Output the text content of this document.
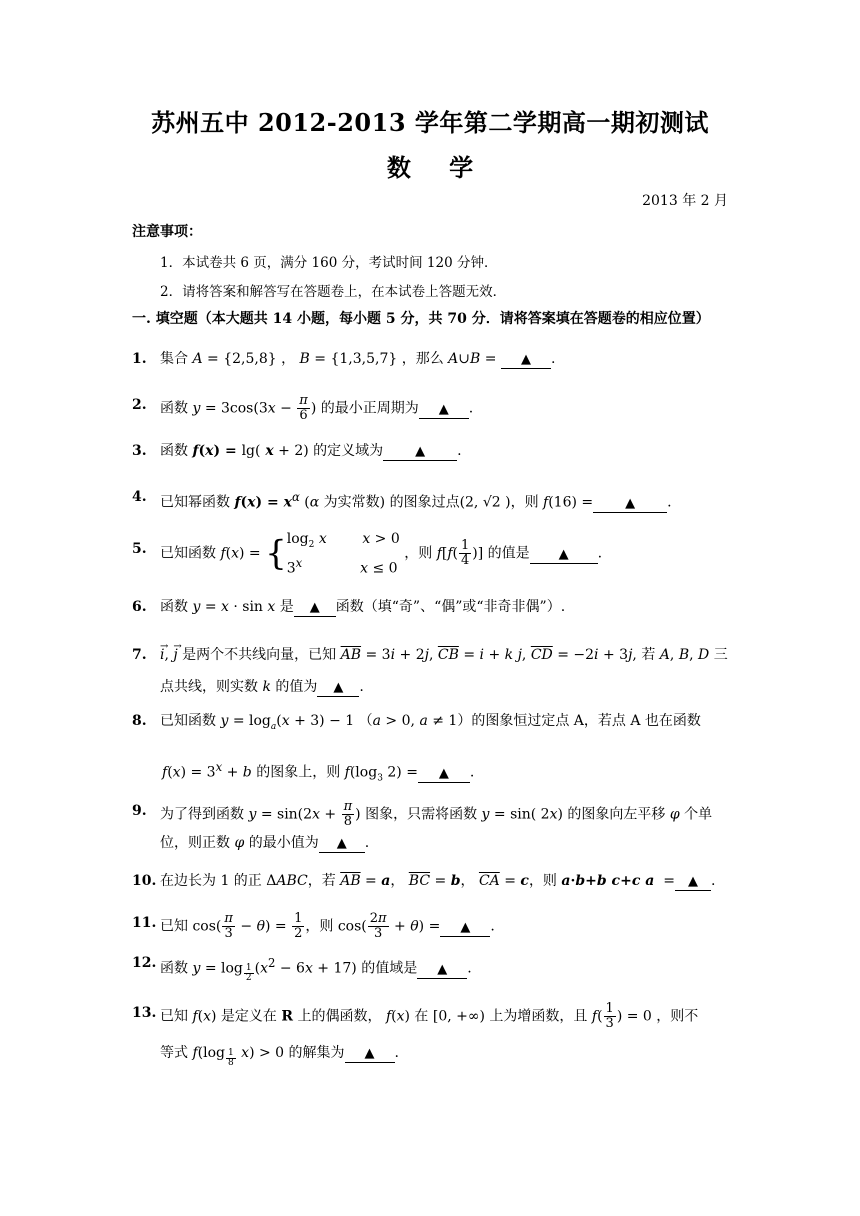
苏州五中 2012-2013 学年第二学期高一期初测试
数 学
2013 年 2 月
注意事项：
1．本试卷共 6 页，满分 160 分，考试时间 120 分钟．
2．请将答案和解答写在答题卷上，在本试卷上答题无效．
一. 填空题（本大题共 14 小题，每小题 5 分，共 70 分．请将答案填在答题卷的相应位置）
1. 集合 A = {2,5,8} ， B = {1,3,5,7} ，那么 A∪B = ▲ .
2. 函数 $y = 3\cos(3x - \frac{\pi}{6}$ ) 的最小正周期为 ▲ .
3. 函数 f(x) = lg( x + 2) 的定义域为 ▲ .
4. 已知幂函数 $f(x) = x^\alpha$ (α 为实常数) 的图象过点(2, √2 )，则 f(16) = ▲ .
5. 已知函数 $f(x) = \{\log_2$ x	x > 0
3$^x$	x ≤ 0 ，则 $f[f( \frac{1}{4}$ )] 的值是 ▲ .
6. 函数 y = x · sin x 是 ▲ 函数（填“奇”、“偶”或“非奇非偶”）.
7. → i, → j 是两个不共线向量，已知 $\overline{AB} = 3i + 2j$, $\overline{CB} = i + k$ j, $\overline{CD} = -2i + 3j$, 若 A, B, D 三
点共线，则实数 k 的值为 ▲ .
8. 已知函数 $y = \log_a(x + 3) - 1$ （a > 0, a ≠ 1）的图象恒过定点 A，若点 A 也在函数
$f(x) = 3^x + b$ 的图象上，则 $f(\log_3$ 2) = ▲ .
9. 为了得到函数 $y = \sin(2x + \frac{\pi}{8}$ ) 图象，只需将函数 y = sin( 2x) 的图象向左平移 φ 个单
位，则正数 φ 的最小值为 ▲ .
10. 在边长为 1 的正 ΔABC，若 $\overline{AB} = a$， $\overline{BC} = b$， $\overline{CA} = c$，则 a·b+b c+c a  = ▲ .
11. 已知 $\cos( \frac{\pi}{3} - \theta) = \frac{1}{2}$ ，则 $\cos( \frac{2\pi}{3} + \theta)$ = ▲ .
12. 函数 y = log $_{\frac{1}{2}}$ $(x^2 - 6x + 17)$ 的值域是 ▲ .
13. 已知 f(x) 是定义在 R 上的偶函数， f(x) 在 [0, +∞) 上为增函数，且 $f( \frac{1}{3}$ ) = 0 ，则不
等式 f(log $_{\frac{1}{8}}$ x) > 0 的解集为 ▲ .
